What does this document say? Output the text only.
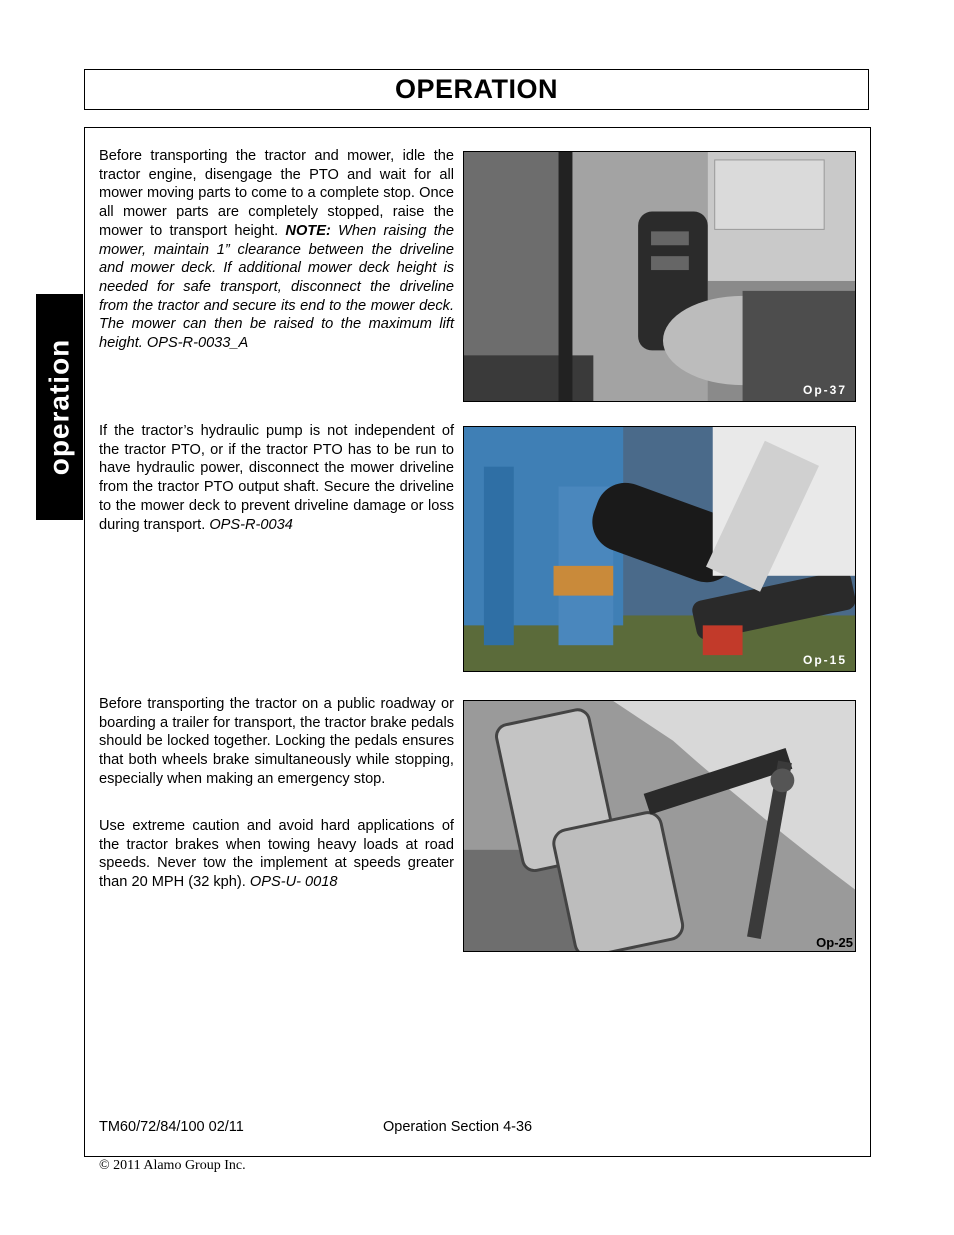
OPERATION
operation

Before transporting the tractor and mower, idle the tractor engine, disengage the PTO and wait for all mower moving parts to come to a complete stop. Once all mower parts are completely stopped, raise the mower to transport height. NOTE: When raising the mower, maintain 1” clearance between the driveline and mower deck. If additional mower deck height is needed for safe transport, disconnect the driveline from the tractor and secure its end to the mower deck. The mower can then be raised to the maximum lift height. OPS-R-0033_A

Op-37

If the tractor’s hydraulic pump is not independent of the tractor PTO, or if the tractor PTO has to be run to have hydraulic power, disconnect the mower driveline from the tractor PTO output shaft. Secure the driveline to the mower deck to prevent driveline damage or loss during transport. OPS-R-0034

Op-15

Before transporting the tractor on a public roadway or boarding a trailer for transport, the tractor brake pedals should be locked together. Locking the pedals ensures that both wheels brake simultaneously while stopping, especially when making an emergency stop.

Use extreme caution and avoid hard applications of the tractor brakes when towing heavy loads at road speeds. Never tow the implement at speeds greater than 20 MPH (32 kph). OPS-U- 0018

Op-25
TM60/72/84/100 02/11	Operation Section 4-36
© 2011 Alamo Group Inc.
